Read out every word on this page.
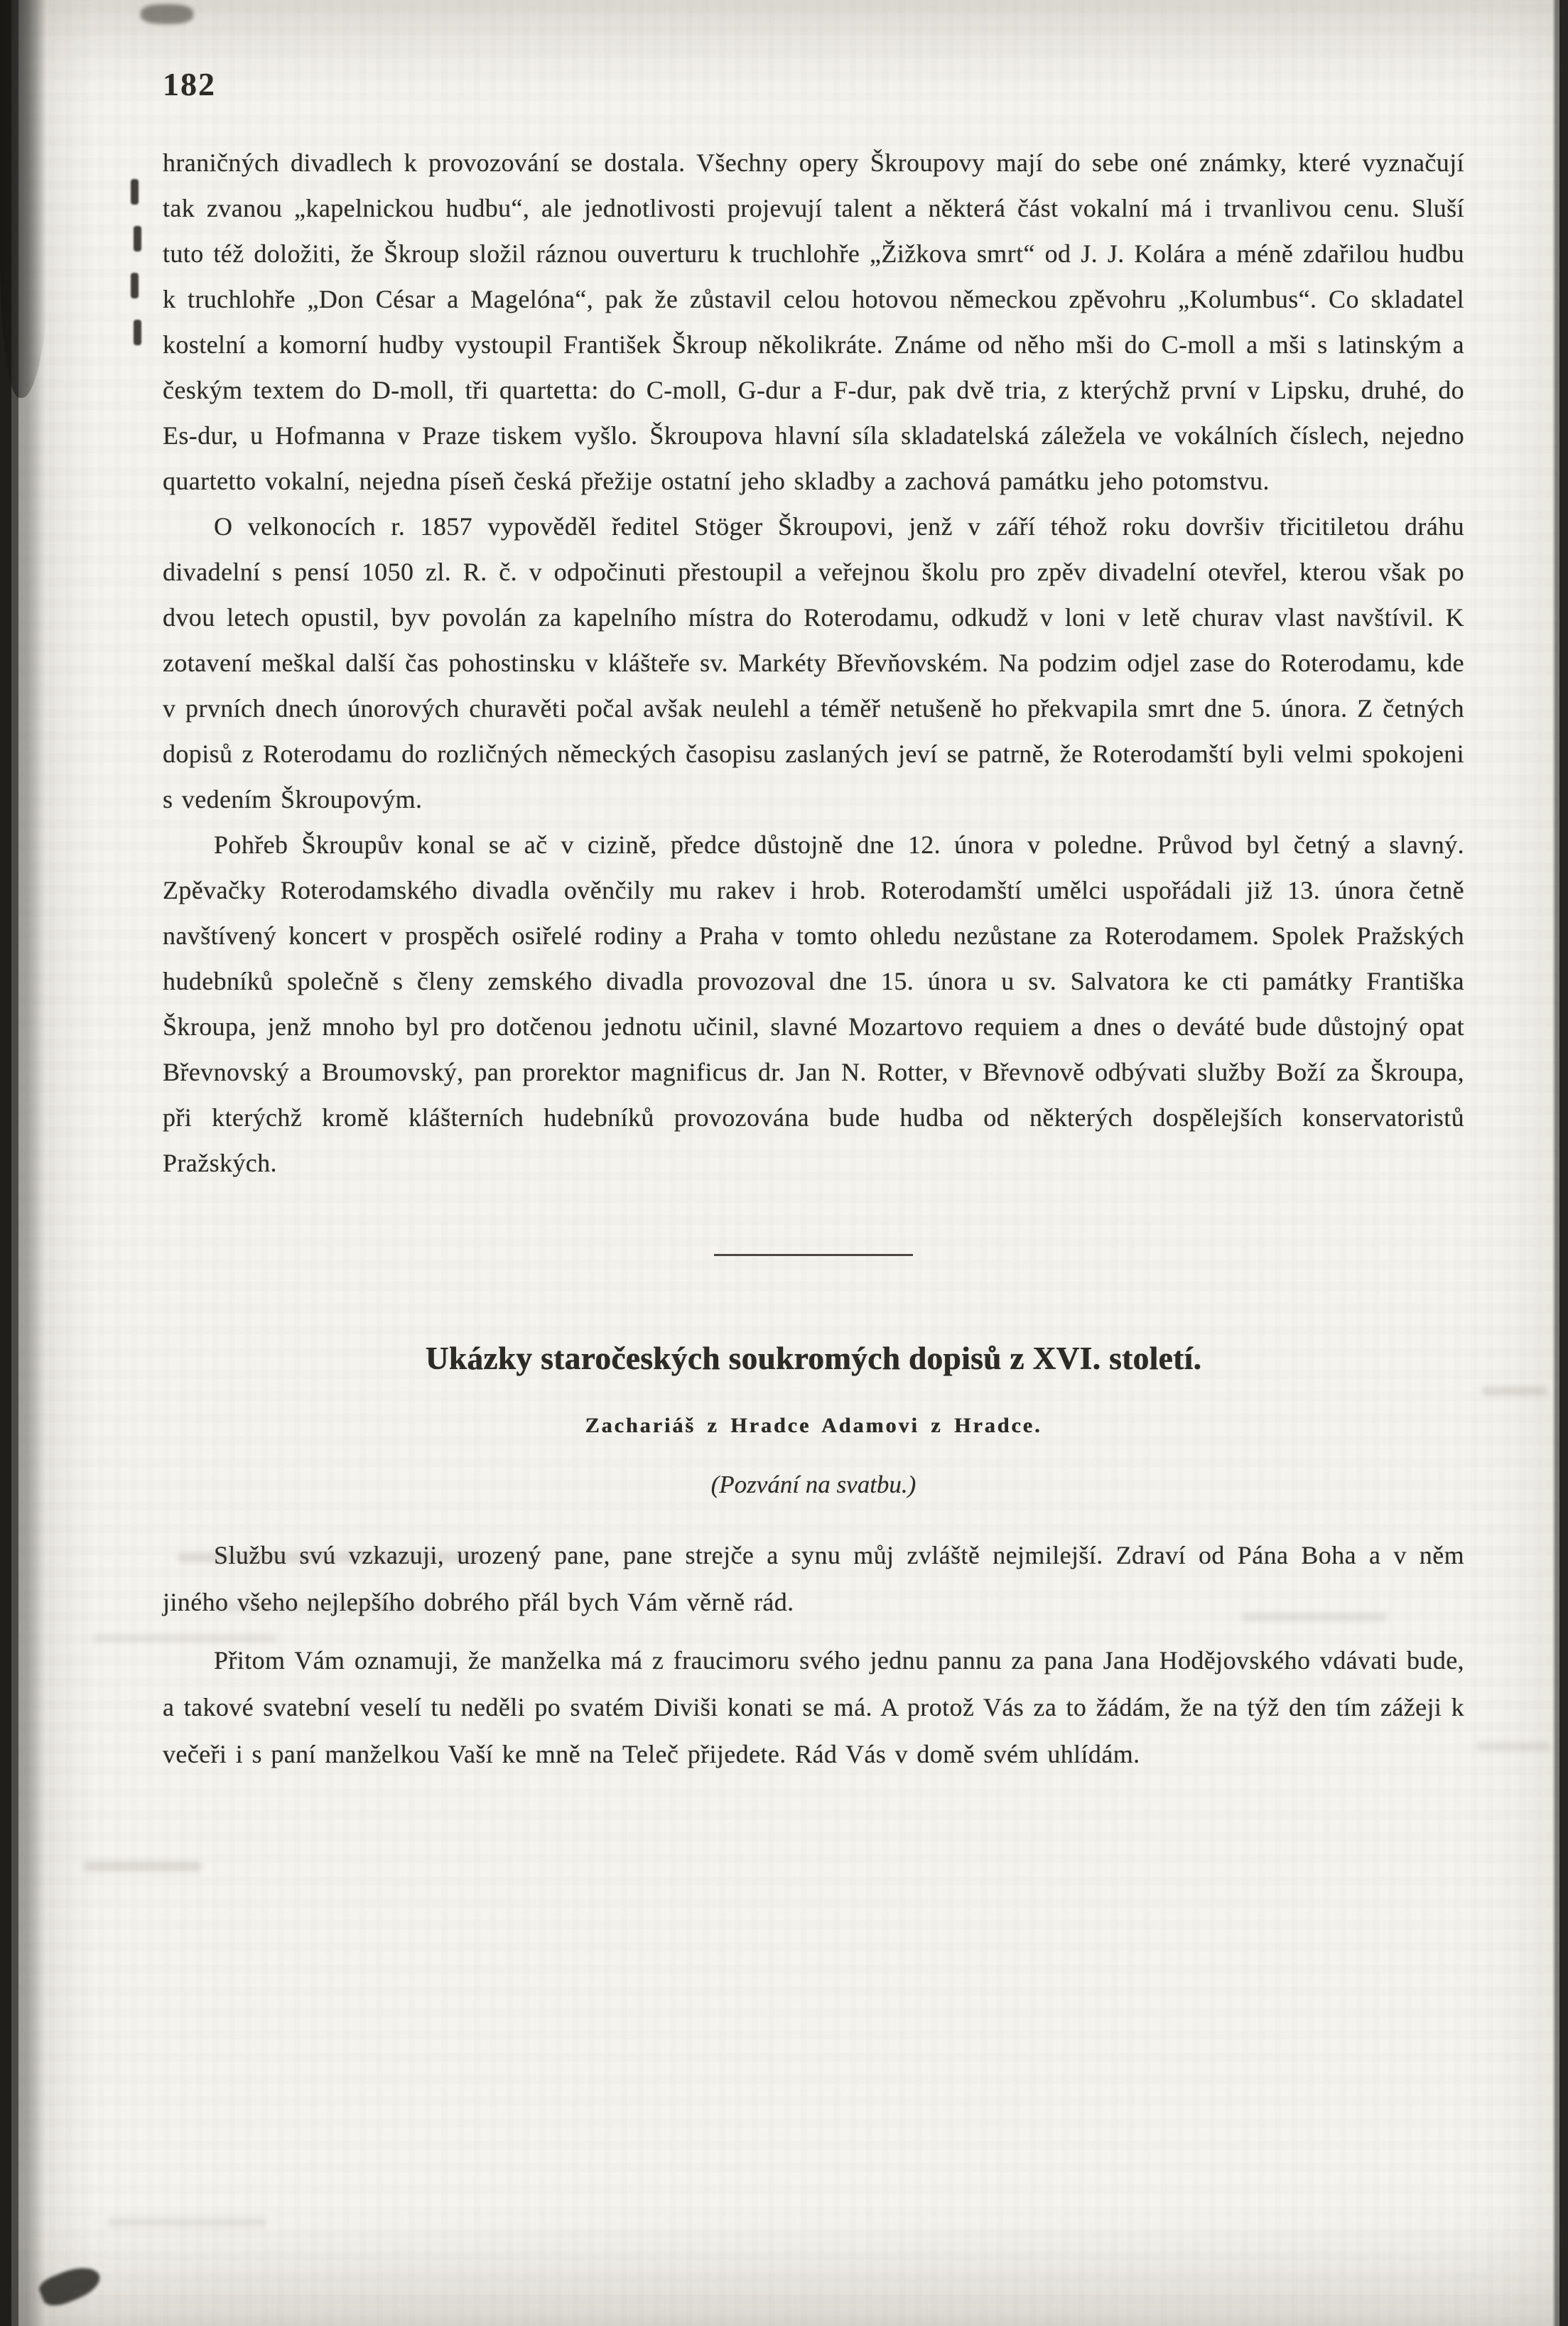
182

hraničných divadlech k provozování se dostala. Všechny opery Škroupovy mají do sebe oné známky, které vyznačují tak zvanou „kapelnickou hudbu“, ale jednotlivosti projevují talent a některá část vokalní má i trvanlivou cenu. Sluší tuto též doložiti, že Škroup složil ráznou ouverturu k truchlohře „Žižkova smrt“ od J. J. Kolára a méně zdařilou hudbu k truchlohře „Don César a Magelóna“, pak že zůstavil celou hotovou německou zpěvohru „Kolumbus“. Co skladatel kostelní a komorní hudby vystoupil František Škroup několikráte. Známe od něho mši do C-moll a mši s latinským a českým textem do D-moll, tři quartetta: do C-moll, G-dur a F-dur, pak dvě tria, z kterýchž první v Lipsku, druhé, do Es-dur, u Hofmanna v Praze tiskem vyšlo. Škroupova hlavní síla skladatelská záležela ve vokálních číslech, nejedno quartetto vokalní, nejedna píseň česká přežije ostatní jeho skladby a zachová památku jeho potomstvu.

O velkonocích r. 1857 vypověděl ředitel Stöger Škroupovi, jenž v září téhož roku dovršiv třicitiletou dráhu divadelní s pensí 1050 zl. R. č. v odpočinuti přestoupil a veřejnou školu pro zpěv divadelní otevřel, kterou však po dvou letech opustil, byv povolán za kapelního místra do Roterodamu, odkudž v loni v letě churav vlast navštívil. K zotavení meškal další čas pohostinsku v klášteře sv. Markéty Břevňovském. Na podzim odjel zase do Roterodamu, kde v prvních dnech únorových churavěti počal avšak neulehl a téměř netušeně ho překvapila smrt dne 5. února. Z četných dopisů z Roterodamu do rozličných německých časopisu zaslaných jeví se patrně, že Roterodamští byli velmi spokojeni s vedením Škroupovým.

Pohřeb Škroupův konal se ač v cizině, předce důstojně dne 12. února v poledne. Průvod byl četný a slavný. Zpěvačky Roterodamského divadla ověnčily mu rakev i hrob. Roterodamští umělci uspořádali již 13. února četně navštívený koncert v prospěch osiřelé rodiny a Praha v tomto ohledu nezůstane za Roterodamem. Spolek Pražských hudebníků společně s členy zemského divadla provozoval dne 15. února u sv. Salvatora ke cti památky Františka Škroupa, jenž mnoho byl pro dotčenou jednotu učinil, slavné Mozartovo requiem a dnes o deváté bude důstojný opat Břevnovský a Broumovský, pan prorektor magnificus dr. Jan N. Rotter, v Břevnově odbývati služby Boží za Škroupa, při kterýchž kromě klášterních hudebníků provozována bude hudba od některých dospělejších konservatoristů Pražských.

Ukázky staročeských soukromých dopisů z XVI. století.
Zachariáš z Hradce Adamovi z Hradce.
(Pozvání na svatbu.)

Službu svú vzkazuji, urozený pane, pane strejče a synu můj zvláště nejmilejší. Zdraví od Pána Boha a v něm jiného všeho nejlepšího dobrého přál bych Vám věrně rád.

Přitom Vám oznamuji, že manželka má z fraucimoru svého jednu pannu za pana Jana Hodějovského vdávati bude, a takové svatební veselí tu neděli po svatém Diviši konati se má. A protož Vás za to žádám, že na týž den tím zážeji k večeři i s paní manželkou Vaší ke mně na Teleč přijedete. Rád Vás v domě svém uhlídám.
